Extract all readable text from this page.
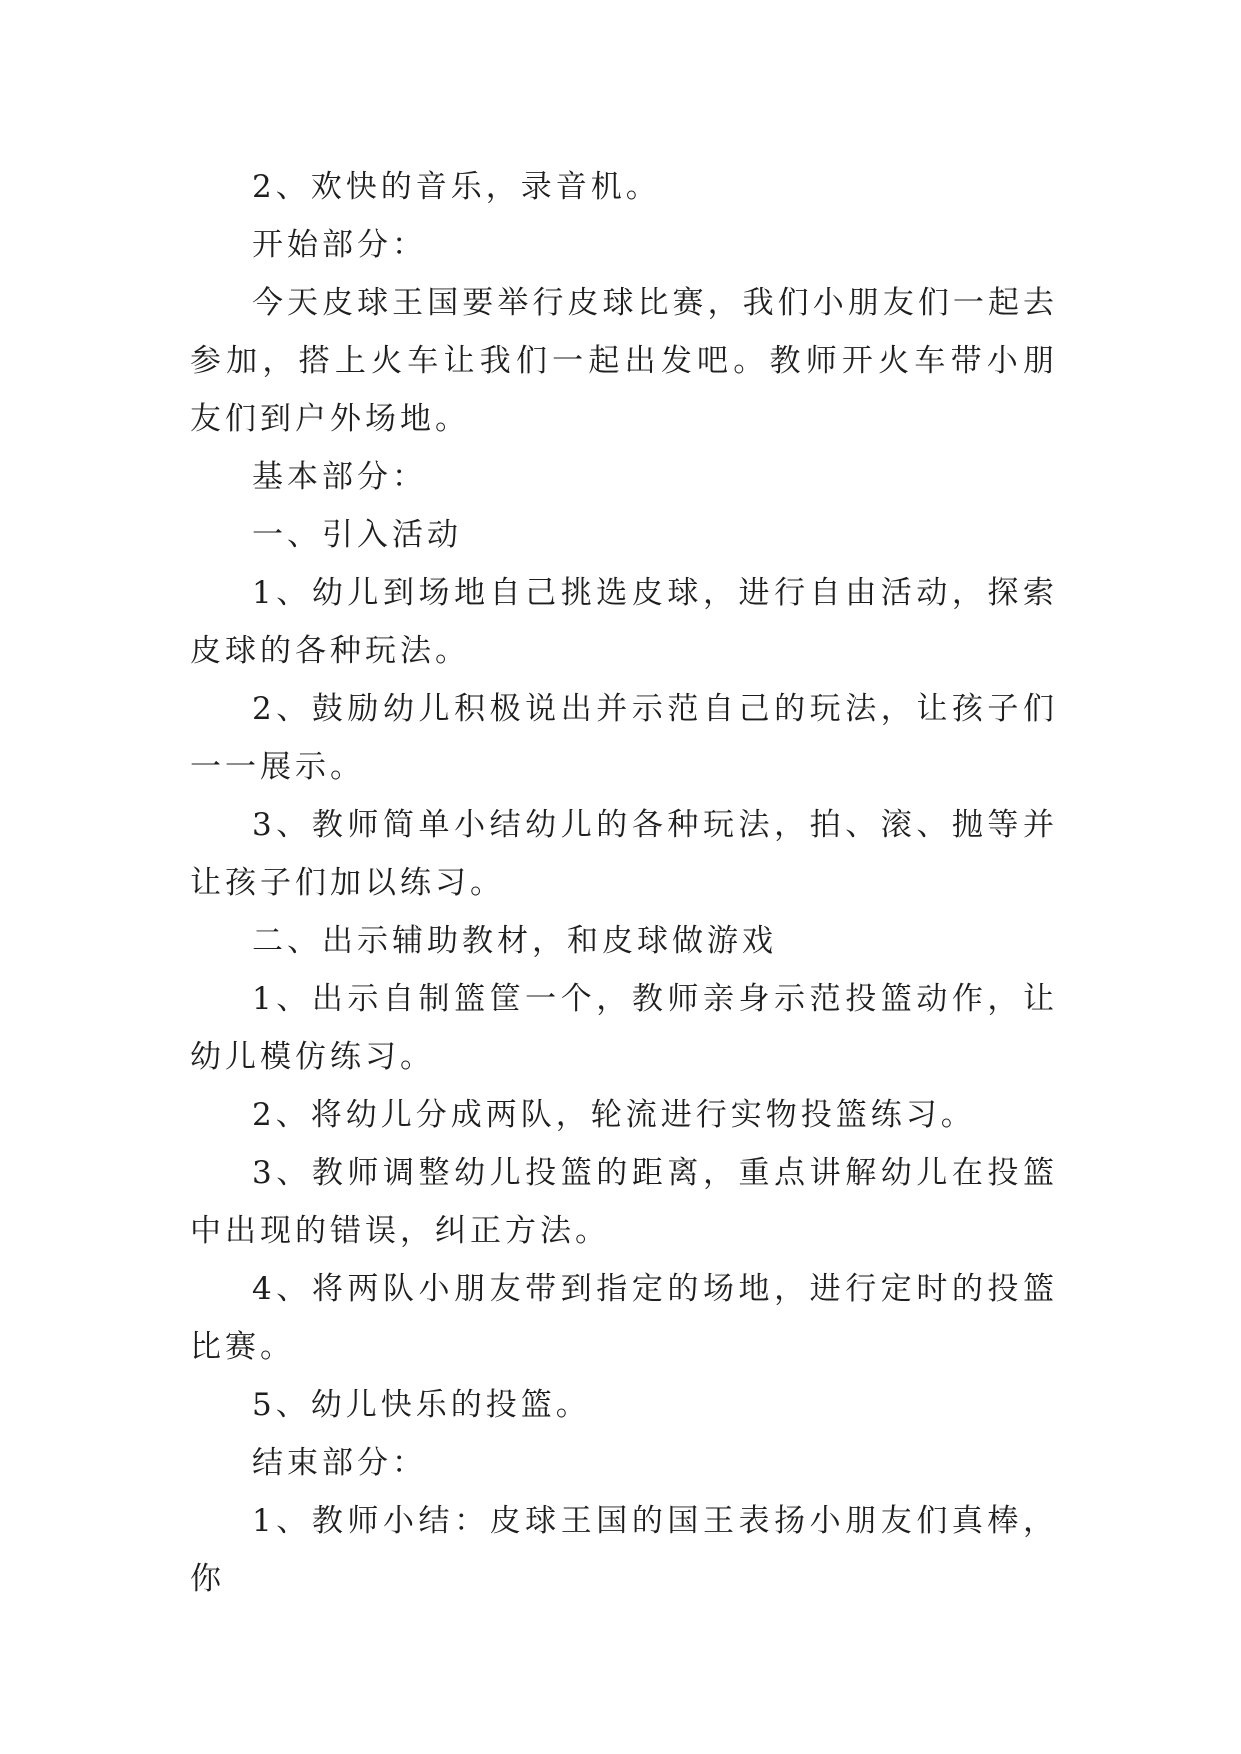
2、欢快的音乐，录音机。

开始部分：

今天皮球王国要举行皮球比赛，我们小朋友们一起去参加，搭上火车让我们一起出发吧。教师开火车带小朋友们到户外场地。

基本部分：

一、引入活动

1、幼儿到场地自己挑选皮球，进行自由活动，探索皮球的各种玩法。

2、鼓励幼儿积极说出并示范自己的玩法，让孩子们一一展示。

3、教师简单小结幼儿的各种玩法，拍、滚、抛等并让孩子们加以练习。

二、出示辅助教材，和皮球做游戏

1、出示自制篮筐一个，教师亲身示范投篮动作，让幼儿模仿练习。

2、将幼儿分成两队，轮流进行实物投篮练习。

3、教师调整幼儿投篮的距离，重点讲解幼儿在投篮中出现的错误，纠正方法。

4、将两队小朋友带到指定的场地，进行定时的投篮比赛。

5、幼儿快乐的投篮。

结束部分：

1、教师小结：皮球王国的国王表扬小朋友们真棒，你
